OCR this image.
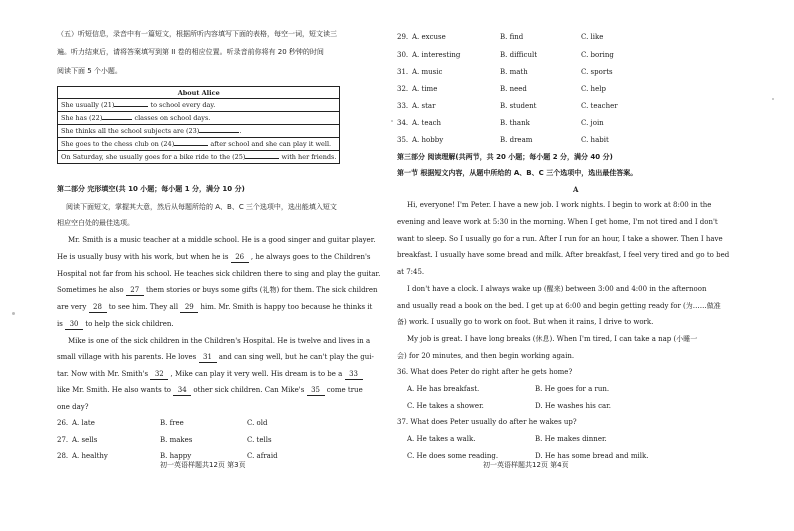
（五）听短信息，录音中有一篇短文，根据所听内容填写下面的表格，每空一词，短文读三
遍。听力结束后，请将答案填写到第 II 卷的相应位置。听录音前你将有 20 秒钟的时间
阅读下面 5 个小题。
About Alice
She usually (21)	to school every day.
She has (22)	classes on school days.
She thinks all the school subjects are (23)	.
She goes to the chess club on (24)	after school and she can play it well.
On Saturday, she usually goes for a bike ride to the (25)	with her friends.
第二部分 完形填空(共 10 小题；每小题 1 分，满分 10 分)
阅读下面短文，掌握其大意，然后从每题所给的 A、B、C 三个选项中，选出能填入短文
相应空白处的最佳选项。
Mr. Smith is a music teacher at a middle school. He is a good singer and guitar player.
He is usually busy with his work, but when he is 26 , he always goes to the Children's
Hospital not far from his school. He teaches sick children there to sing and play the guitar.
Sometimes he also 27 them stories or buys some gifts (礼物) for them. The sick children
are very 28 to see him. They all 29 him. Mr. Smith is happy too because he thinks it
is 30 to help the sick children.
Mike is one of the sick children in the Children's Hospital. He is twelve and lives in a
small village with his parents. He loves 31 and can sing well, but he can't play the gui-
tar. Now with Mr. Smith's 32 , Mike can play it very well. His dream is to be a 33
like Mr. Smith. He also wants to 34 other sick children. Can Mike's 35 come true
one day?
26. A. late	B. free	C. old
27. A. sells	B. makes	C. tells
28. A. healthy	B. happy	C. afraid
初一英语样题共12页 第3页
29. A. excuse	B. find	C. like
30. A. interesting	B. difficult	C. boring
31. A. music	B. math	C. sports
32. A. time	B. need	C. help
33. A. star	B. student	C. teacher
34. A. teach	B. thank	C. join
35. A. hobby	B. dream	C. habit
第三部分 阅读理解(共两节，共 20 小题；每小题 2 分，满分 40 分)
第一节 根据短文内容，从题中所给的 A、B、C 三个选项中，选出最佳答案。
A
Hi, everyone! I'm Peter. I have a new job. I work nights. I begin to work at 8:00 in the
evening and leave work at 5:30 in the morning. When I get home, I'm not tired and I don't
want to sleep. So I usually go for a run. After I run for an hour, I take a shower. Then I have
breakfast. I usually have some bread and milk. After breakfast, I feel very tired and go to bed
at 7:45.
I don't have a clock. I always wake up (醒来) between 3:00 and 4:00 in the afternoon
and usually read a book on the bed. I get up at 6:00 and begin getting ready for (为……做准
备) work. I usually go to work on foot. But when it rains, I drive to work.
My job is great. I have long breaks (休息). When I'm tired, I can take a nap (小睡一
会) for 20 minutes, and then begin working again.
36. What does Peter do right after he gets home?
A. He has breakfast.	B. He goes for a run.
C. He takes a shower.	D. He washes his car.
37. What does Peter usually do after he wakes up?
A. He takes a walk.	B. He makes dinner.
C. He does some reading.	D. He has some bread and milk.
初一英语样题共12页 第4页
